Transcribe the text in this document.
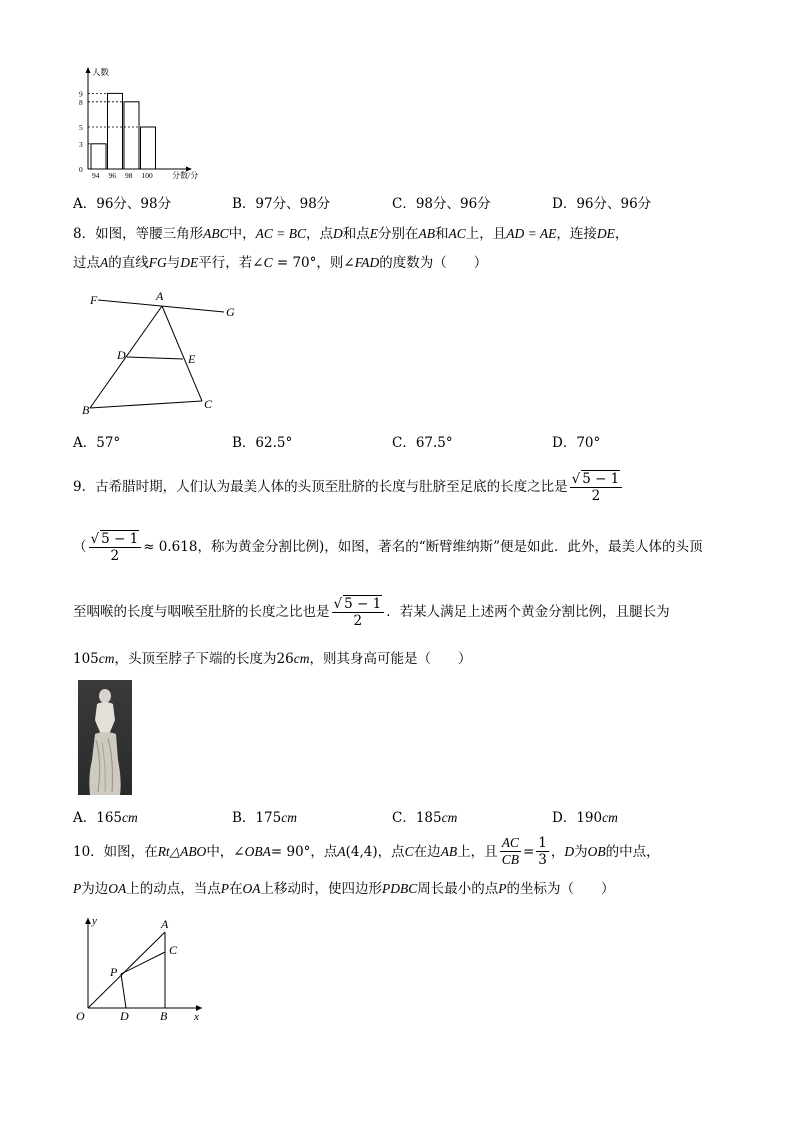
人数
分数/分
3
94
9
96
8
98
5
100
0
A．96分、98分	B．97分、98分	C．98分、96分	D．96分、96分
8．如图，等腰三角形ABC中，AC = BC，点D和点E分别在AB和AC上，且AD = AE，连接DE，
过点A的直线FG与DE平行，若∠C = 70°，则∠FAD的度数为（　　）
F	A
G
D	E
B	C
A．57°	B．62.5°	C．67.5°	D．70°
9．古希腊时期，人们认为最美人体的头顶至肚脐的长度与肚脐至足底的长度之比是 $\frac{√ 5 - 1}{2}$
（ $\frac{√ 5 - 1}{2} \approx 0.618$，称为黄金分割比例)，如图，著名的“断臂维纳斯”便是如此．此外，最美人体的头顶
至咽喉的长度与咽喉至肚脐的长度之比也是 $\frac{√ 5 - 1}{2}$ ．若某人满足上述两个黄金分割比例，且腿长为
105cm，头顶至脖子下端的长度为26cm，则其身高可能是（　　）
A．165cm	B．175cm	C．185cm	D．190cm
10．如图，在 Rt△ABO 中，∠ OBA = 90°，点 A (4,4) ，点 C 在边 AB 上，且 $\frac{AC}{CB} = \frac{1}{3}$ ， D 为 OB 的中点，
P为边OA上的动点，当点P在OA上移动时，使四边形PDBC周长最小的点P的坐标为（　　）
y	A
C
P
O	D	B x
